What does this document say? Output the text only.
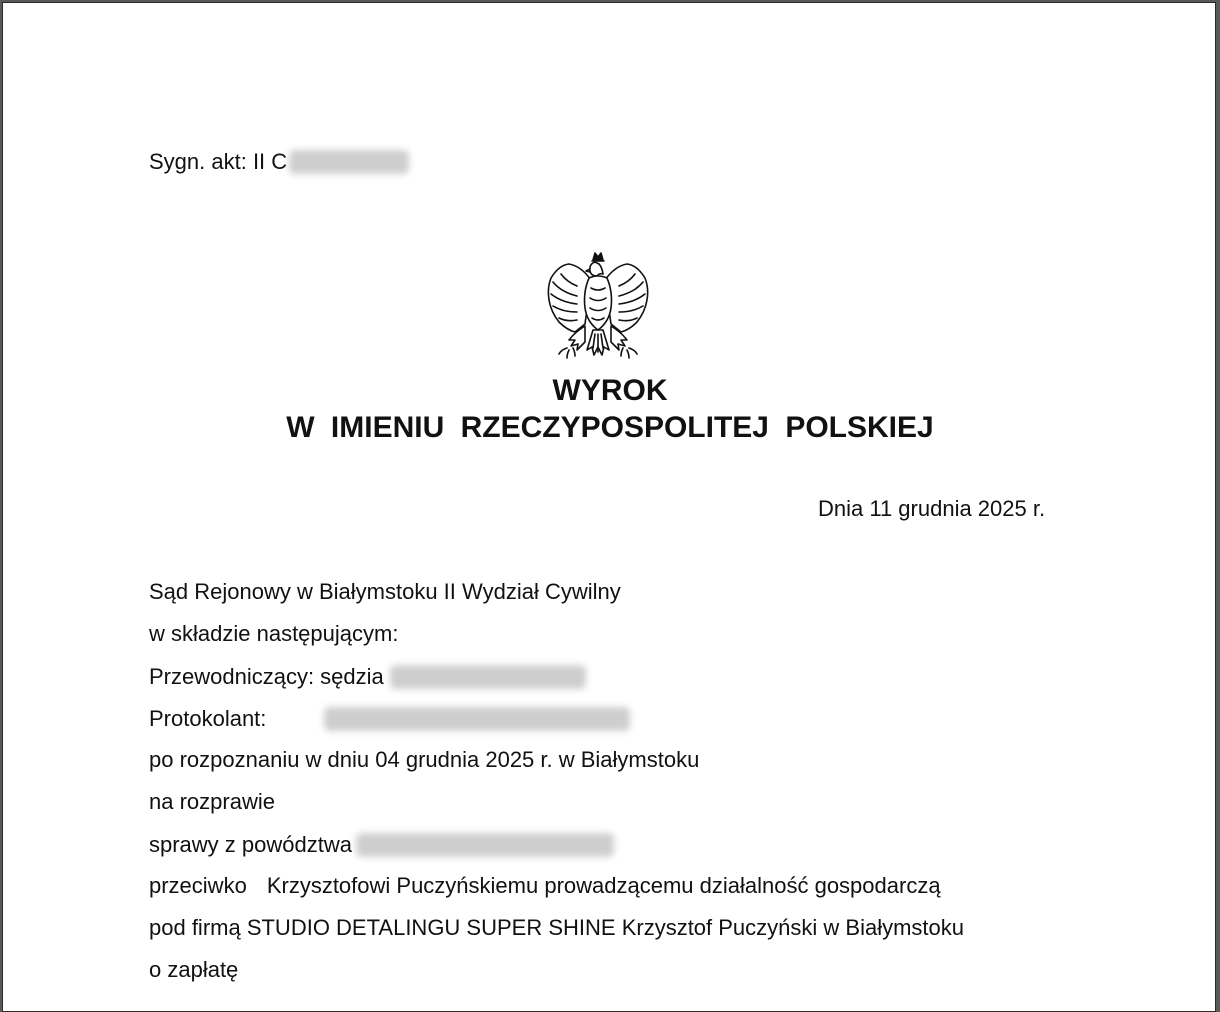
Sygn. akt: II C
WYROK
W IMIENIU RZECZYPOSPOLITEJ POLSKIEJ
Dnia 11 grudnia 2025 r.
Sąd Rejonowy w Białymstoku II Wydział Cywilny
w składzie następującym:
Przewodniczący: sędzia
Protokolant:
po rozpoznaniu w dniu 04 grudnia 2025 r. w Białymstoku
na rozprawie
sprawy z powództwa
przeciwko Krzysztofowi Puczyńskiemu prowadzącemu działalność gospodarczą
pod firmą STUDIO DETALINGU SUPER SHINE Krzysztof Puczyński w Białymstoku
o zapłatę
